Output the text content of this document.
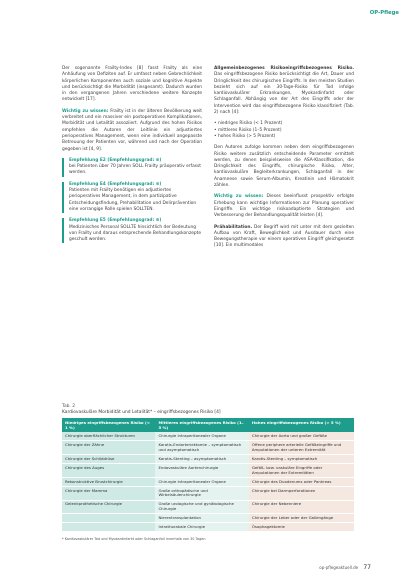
OP-Pflege

Der sogenannte Frailty-Index [8] fasst Frailty als eine Anhäufung von Defiziten auf. Er umfasst neben Gebrechlichkeit körperlichen Komponenten auch soziale und kognitive Aspekte und berücksichtigt die Morbidität (insgesamt). Dadurch wurden in den vergangenen Jahren verschiedene weitere Konzepte entwickelt [17].

Wichtig zu wissen: Frailty ist in der älteren Bevölkerung weit verbreitet und ein massiver ein postoperativen Komplikationen, Morbidität und Letalität assoziiert. Aufgrund des hohen Risikos empfehlen die Autoren der Leitlinie ein adjustiertes perioperatives Management, wenn eine individuell angepasste Betreuung der Patienten vor, während und nach der Operation gegeben ist [4, 9].

Empfehlung E2 (Empfehlungsgrad: ⊕)
bei Patienten über 70 Jahren SOLL Frailty präoperativ erfasst werden.
Empfehlung E4 (Empfehlungsgrad: ⊕)
Patienten mit Frailty benötigen ein adjustiertes perioperatives Management, in dem partizipative Entscheidungsfindung, Prehabilitation und Delirprävention eine vorrangige Rolle spielen SOLLTEN.
Empfehlung E5 (Empfehlungsgrad: ⊕)
Medizinisches Personal SOLLTE hinsichtlich der Bedeutung von Frailty und daraus entsprechende Behandlungskonzepte geschult werden.

Allgemeinbezogenes Risikoeingriffsbezogenes Risiko. Das eingriffsbezogene Risiko berücksichtigt die Art, Dauer und Dringlichkeit des chirurgischen Eingriffs. In den meisten Studien bezieht sich auf ein 30-Tage-Risiko für Tod infolge kardiovaskulärer Erkrankungen, Myokardinfarkt oder Schlaganfall. Abhängig von der Art des Eingriffs oder der Intervention wird das eingriffsbezogene Risiko klassifiziert (Tab. 2) nach [4]:

• niedriges Risiko (< 1 Prozent)
• mittleres Risiko (1–5 Prozent)
• hohes Risiko (> 5 Prozent)

Den Autoren zufolge kommen neben dem eingriffsbezogenen Risiko weitere zusätzlich entscheidende Parameter ermittelt werden, zu denen beispielsweise die ASA-Klassifikation, die Dringlichkeit des Eingriffs, chirurgische Risiko, Alter, kardiovaskuläre Begleiterkrankungen, Schlaganfall in der Anamnese sowie Serum-Albumin, Kreatinin und Hämatokrit zählen.

Wichtig zu wissen: Dieses beeinflusst prospektiv erfolgte Erhebung kann wichtige Informationen zur Planung operativer Eingriffe. Ein wichtige risikoadaptierte Strategien und Verbesserung der Behandlungsqualität leisten [4].

Prähabilitation. Der Begriff wird mit unter mit dem gezielten Aufbau von Kraft, Beweglichkeit und Ausdauer durch eine Bewegungstherapie vor einem operativen Eingriff gleichgesetzt [10]. Ein multimodales

Tab. 2
Kardiovaskuläre Morbidität und Letalität* – eingriffsbezogenes Risiko [4]
Niedriges eingriffsbezogenes Risiko (< 1 %)	Mittleres eingriffsbezogenes Risiko (1–5 %)	Hohes eingriffsbezogenes Risiko (> 5 %)
Chirurgie oberflächlicher Strukturen	Chirurgie intraperitonealer Organe	Chirurgie der Aorta und großer Gefäße
Chirurgie der Zähne	Karotis-Endarteriektomie – symptomatisch und asymptomatisch	Offene periphere arterielle Gefäßeingriffe und Amputationen der unteren Extremität
Chirurgie der Schilddrüse	Karotis-Stenting – asymptomatisch	Karotis-Stenting – symptomatisch
Chirurgie des Auges	Endovaskuläre Aortenchirurgie	Gefäß- bzw. vaskuläre Eingriffe oder Amputationen der Extremitäten
Rekonstruktive Brustchirurgie	Chirurgie intraperitonealer Organe	Chirurgie des Duodenums oder Pankreas
Chirurgie der Mamma	Große orthopädische und Wirbelsäulenchirurgie	Chirurgie bei Darmperforationen
Gelenkprothetische Chirurgie	Große urologische und gynäkologische Chirurgie	Chirurgie der Nebenniere
	Nierentransplantation	Chirurgie der Leber oder der Gallengänge
	Intrathorakale Chirurgie	Ösophagektomie
* Kardiovaskulärer Tod und Myokardinfarkt oder Schlaganfall innerhalb von 30 Tagen
op-pflegeaktuell.de 77
